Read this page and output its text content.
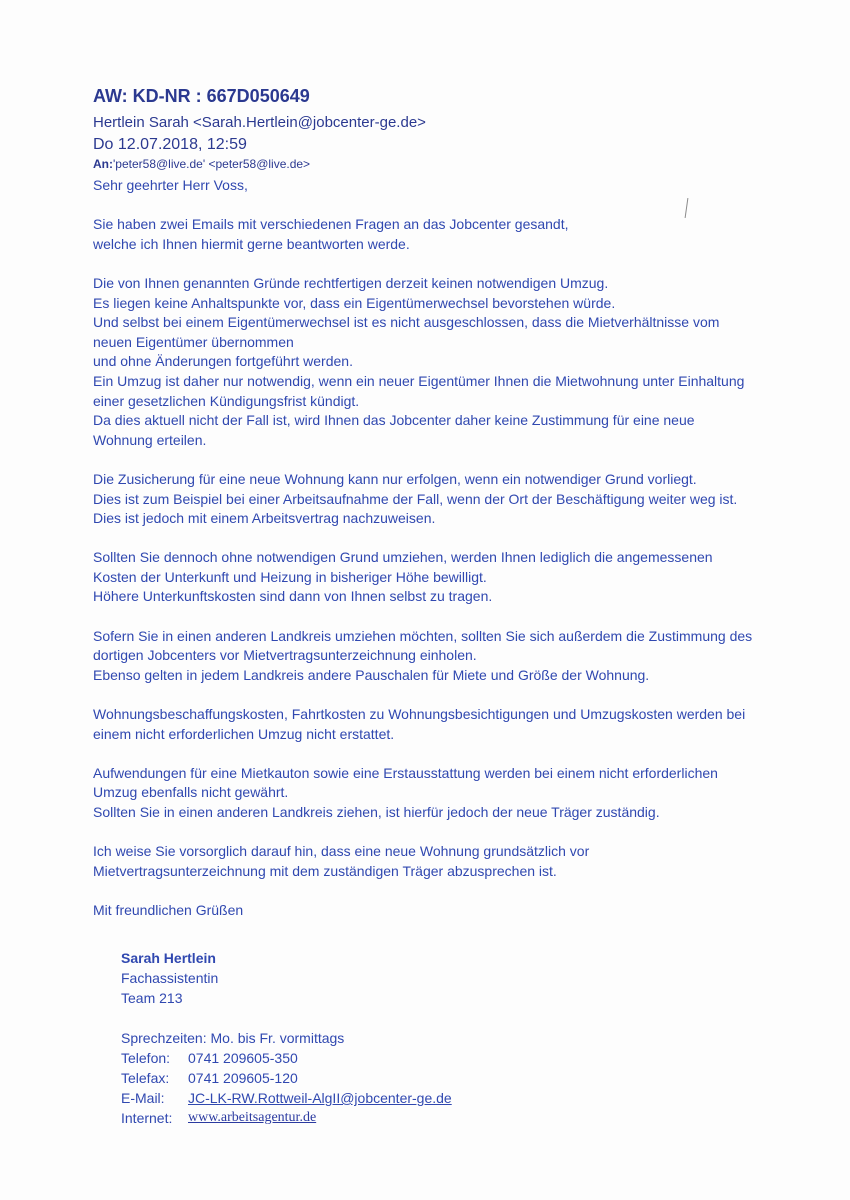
AW: KD-NR : 667D050649
Hertlein Sarah <Sarah.Hertlein@jobcenter-ge.de>
Do 12.07.2018, 12:59
An:'peter58@live.de' <peter58@live.de>

Sehr geehrter Herr Voss,

Sie haben zwei Emails mit verschiedenen Fragen an das Jobcenter gesandt,

welche ich Ihnen hiermit gerne beantworten werde.

Die von Ihnen genannten Gründe rechtfertigen derzeit keinen notwendigen Umzug.

Es liegen keine Anhaltspunkte vor, dass ein Eigentümerwechsel bevorstehen würde.

Und selbst bei einem Eigentümerwechsel ist es nicht ausgeschlossen, dass die Mietverhältnisse vom

neuen Eigentümer übernommen

und ohne Änderungen fortgeführt werden.

Ein Umzug ist daher nur notwendig, wenn ein neuer Eigentümer Ihnen die Mietwohnung unter Einhaltung

einer gesetzlichen Kündigungsfrist kündigt.

Da dies aktuell nicht der Fall ist, wird Ihnen das Jobcenter daher keine Zustimmung für eine neue

Wohnung erteilen.

Die Zusicherung für eine neue Wohnung kann nur erfolgen, wenn ein notwendiger Grund vorliegt.

Dies ist zum Beispiel bei einer Arbeitsaufnahme der Fall, wenn der Ort der Beschäftigung weiter weg ist.

Dies ist jedoch mit einem Arbeitsvertrag nachzuweisen.

Sollten Sie dennoch ohne notwendigen Grund umziehen, werden Ihnen lediglich die angemessenen

Kosten der Unterkunft und Heizung in bisheriger Höhe bewilligt.

Höhere Unterkunftskosten sind dann von Ihnen selbst zu tragen.

Sofern Sie in einen anderen Landkreis umziehen möchten, sollten Sie sich außerdem die Zustimmung des

dortigen Jobcenters vor Mietvertragsunterzeichnung einholen.

Ebenso gelten in jedem Landkreis andere Pauschalen für Miete und Größe der Wohnung.

Wohnungsbeschaffungskosten, Fahrtkosten zu Wohnungsbesichtigungen und Umzugskosten werden bei

einem nicht erforderlichen Umzug nicht erstattet.

Aufwendungen für eine Mietkauton sowie eine Erstausstattung werden bei einem nicht erforderlichen

Umzug ebenfalls nicht gewährt.

Sollten Sie in einen anderen Landkreis ziehen, ist hierfür jedoch der neue Träger zuständig.

Ich weise Sie vorsorglich darauf hin, dass eine neue Wohnung grundsätzlich vor

Mietvertragsunterzeichnung mit dem zuständigen Träger abzusprechen ist.

Mit freundlichen Grüßen

Sarah Hertlein
Fachassistentin
Team 213
Sprechzeiten: Mo. bis Fr. vormittags
Telefon:	0741 209605-350
Telefax:	0741 209605-120
E-Mail:	JC-LK-RW.Rottweil-AlgII@jobcenter-ge.de
Internet:	www.arbeitsagentur.de
